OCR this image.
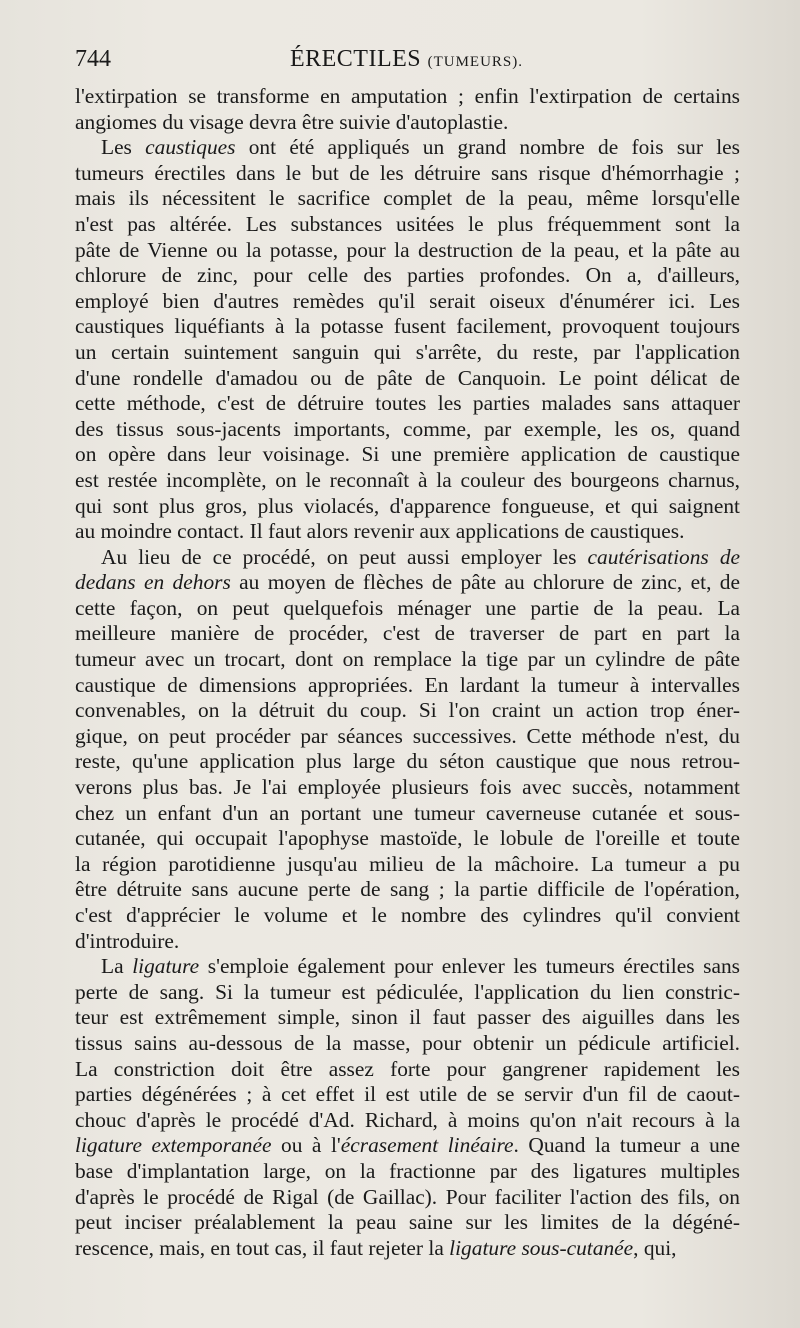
744	ÉRECTILES (TUMEURS).
l'extirpation se transforme en amputation ; enfin l'extirpation de certains
angiomes du visage devra être suivie d'autoplastie.
Les caustiques ont été appliqués un grand nombre de fois sur les
tumeurs érectiles dans le but de les détruire sans risque d'hémorrhagie ;
mais ils nécessitent le sacrifice complet de la peau, même lorsqu'elle
n'est pas altérée. Les substances usitées le plus fréquemment sont la
pâte de Vienne ou la potasse, pour la destruction de la peau, et la pâte au
chlorure de zinc, pour celle des parties profondes. On a, d'ailleurs,
employé bien d'autres remèdes qu'il serait oiseux d'énumérer ici. Les
caustiques liquéfiants à la potasse fusent facilement, provoquent toujours
un certain suintement sanguin qui s'arrête, du reste, par l'application
d'une rondelle d'amadou ou de pâte de Canquoin. Le point délicat de
cette méthode, c'est de détruire toutes les parties malades sans attaquer
des tissus sous-jacents importants, comme, par exemple, les os, quand
on opère dans leur voisinage. Si une première application de caustique
est restée incomplète, on le reconnaît à la couleur des bourgeons charnus,
qui sont plus gros, plus violacés, d'apparence fongueuse, et qui saignent
au moindre contact. Il faut alors revenir aux applications de caustiques.
Au lieu de ce procédé, on peut aussi employer les cautérisations de
dedans en dehors au moyen de flèches de pâte au chlorure de zinc, et, de
cette façon, on peut quelquefois ménager une partie de la peau. La
meilleure manière de procéder, c'est de traverser de part en part la
tumeur avec un trocart, dont on remplace la tige par un cylindre de pâte
caustique de dimensions appropriées. En lardant la tumeur à intervalles
convenables, on la détruit du coup. Si l'on craint un action trop éner-
gique, on peut procéder par séances successives. Cette méthode n'est, du
reste, qu'une application plus large du séton caustique que nous retrou-
verons plus bas. Je l'ai employée plusieurs fois avec succès, notamment
chez un enfant d'un an portant une tumeur caverneuse cutanée et sous-
cutanée, qui occupait l'apophyse mastoïde, le lobule de l'oreille et toute
la région parotidienne jusqu'au milieu de la mâchoire. La tumeur a pu
être détruite sans aucune perte de sang ; la partie difficile de l'opération,
c'est d'apprécier le volume et le nombre des cylindres qu'il convient
d'introduire.
La ligature s'emploie également pour enlever les tumeurs érectiles sans
perte de sang. Si la tumeur est pédiculée, l'application du lien constric-
teur est extrêmement simple, sinon il faut passer des aiguilles dans les
tissus sains au-dessous de la masse, pour obtenir un pédicule artificiel.
La constriction doit être assez forte pour gangrener rapidement les
parties dégénérées ; à cet effet il est utile de se servir d'un fil de caout-
chouc d'après le procédé d'Ad. Richard, à moins qu'on n'ait recours à la
ligature extemporanée ou à l'écrasement linéaire. Quand la tumeur a une
base d'implantation large, on la fractionne par des ligatures multiples
d'après le procédé de Rigal (de Gaillac). Pour faciliter l'action des fils, on
peut inciser préalablement la peau saine sur les limites de la dégéné-
rescence, mais, en tout cas, il faut rejeter la ligature sous-cutanée, qui,
